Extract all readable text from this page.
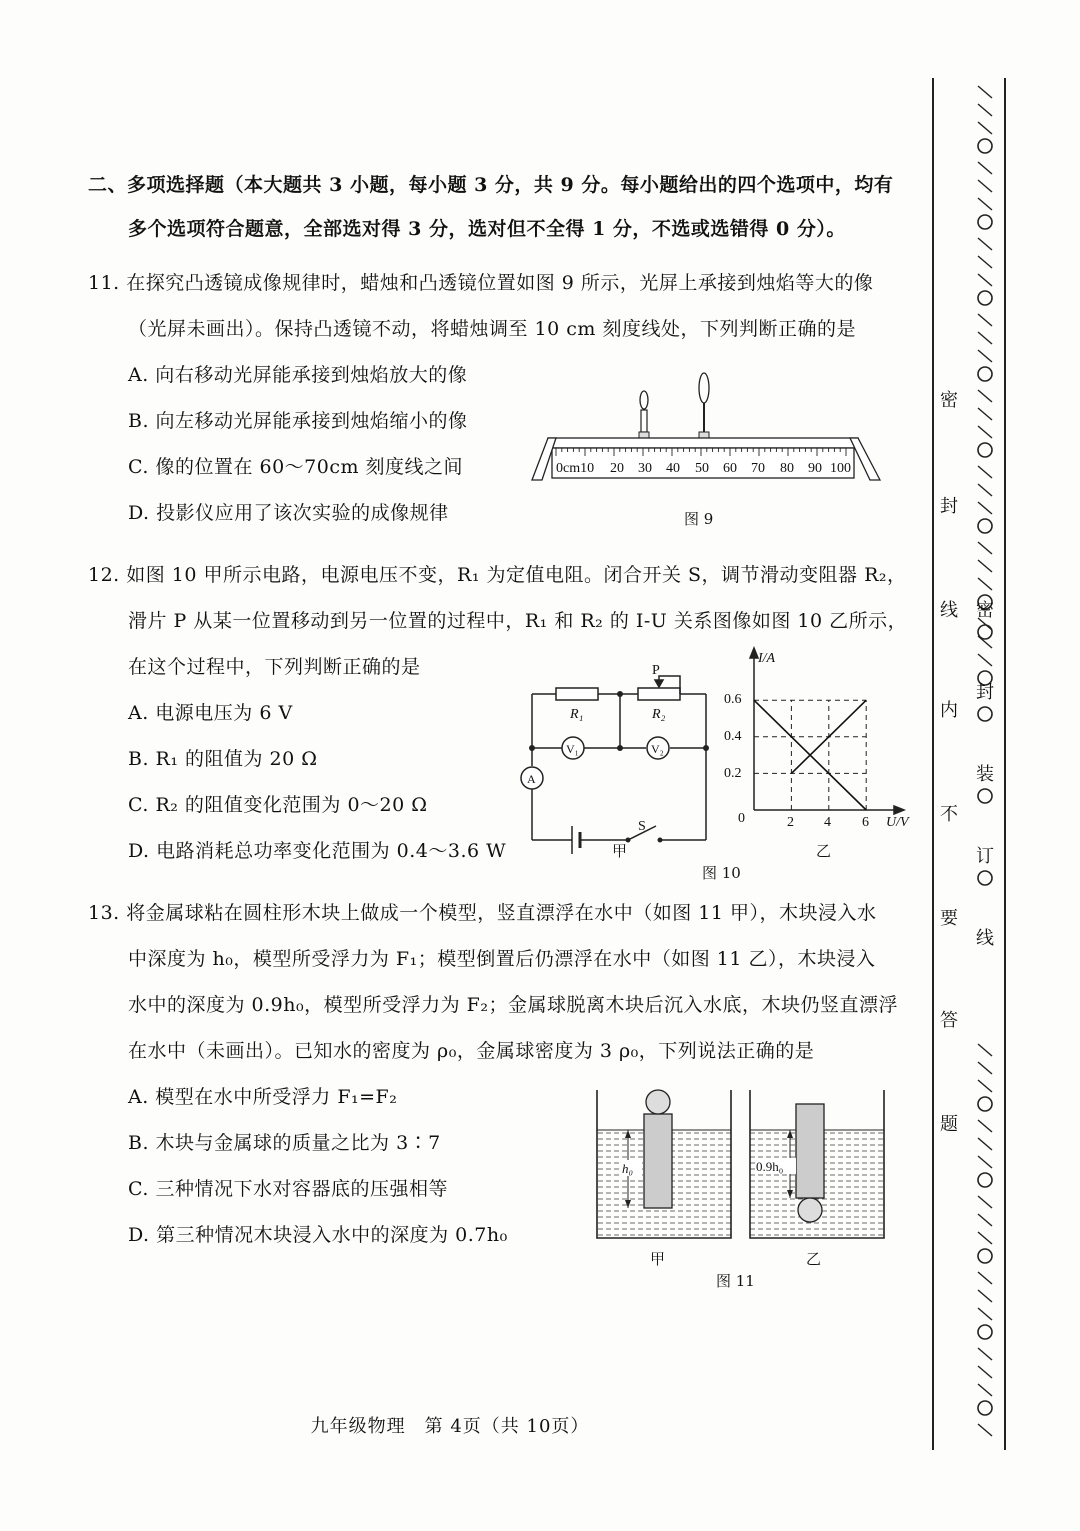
二、多项选择题（本大题共 3 小题，每小题 3 分，共 9 分。每小题给出的四个选项中，均有
多个选项符合题意，全部选对得 3 分，选对但不全得 1 分，不选或选错得 0 分）。
11. 在探究凸透镜成像规律时，蜡烛和凸透镜位置如图 9 所示，光屏上承接到烛焰等大的像
（光屏未画出）。保持凸透镜不动，将蜡烛调至 10 cm 刻度线处，下列判断正确的是
A. 向右移动光屏能承接到烛焰放大的像
B. 向左移动光屏能承接到烛焰缩小的像
C. 像的位置在 60～70cm 刻度线之间
D. 投影仪应用了该次实验的成像规律
0cm10 20 30 40 50 60 70 80 90 100
图 9
12. 如图 10 甲所示电路，电源电压不变，R₁ 为定值电阻。闭合开关 S，调节滑动变阻器 R₂，
滑片 P 从某一位置移动到另一位置的过程中，R₁ 和 R₂ 的 I-U 关系图像如图 10 乙所示，
在这个过程中，下列判断正确的是
A. 电源电压为 6 V
B. R₁ 的阻值为 20 Ω
C. R₂ 的阻值变化范围为 0～20 Ω
D. 电路消耗总功率变化范围为 0.4～3.6 W
R₁	R₂
P
V₁	V₂
A
S
甲
I/A
U/V
0
0.6
0.4
0.2
2 4 6
乙
图 10
13. 将金属球粘在圆柱形木块上做成一个模型，竖直漂浮在水中（如图 11 甲），木块浸入水
中深度为 h₀，模型所受浮力为 F₁；模型倒置后仍漂浮在水中（如图 11 乙），木块浸入
水中的深度为 0.9h₀，模型所受浮力为 F₂；金属球脱离木块后沉入水底，木块仍竖直漂浮
在水中（未画出）。已知水的密度为 ρ₀，金属球密度为 3 ρ₀，下列说法正确的是
A. 模型在水中所受浮力 F₁=F₂
B. 木块与金属球的质量之比为 3∶7
C. 三种情况下水对容器底的压强相等
D. 第三种情况木块浸入水中的深度为 0.7h₀
h₀	0.9h₀
甲	乙
图 11
九年级物理　第 4页（共 10页）
密
封
线
内
不
要
答
题
密
封
装
订
线
